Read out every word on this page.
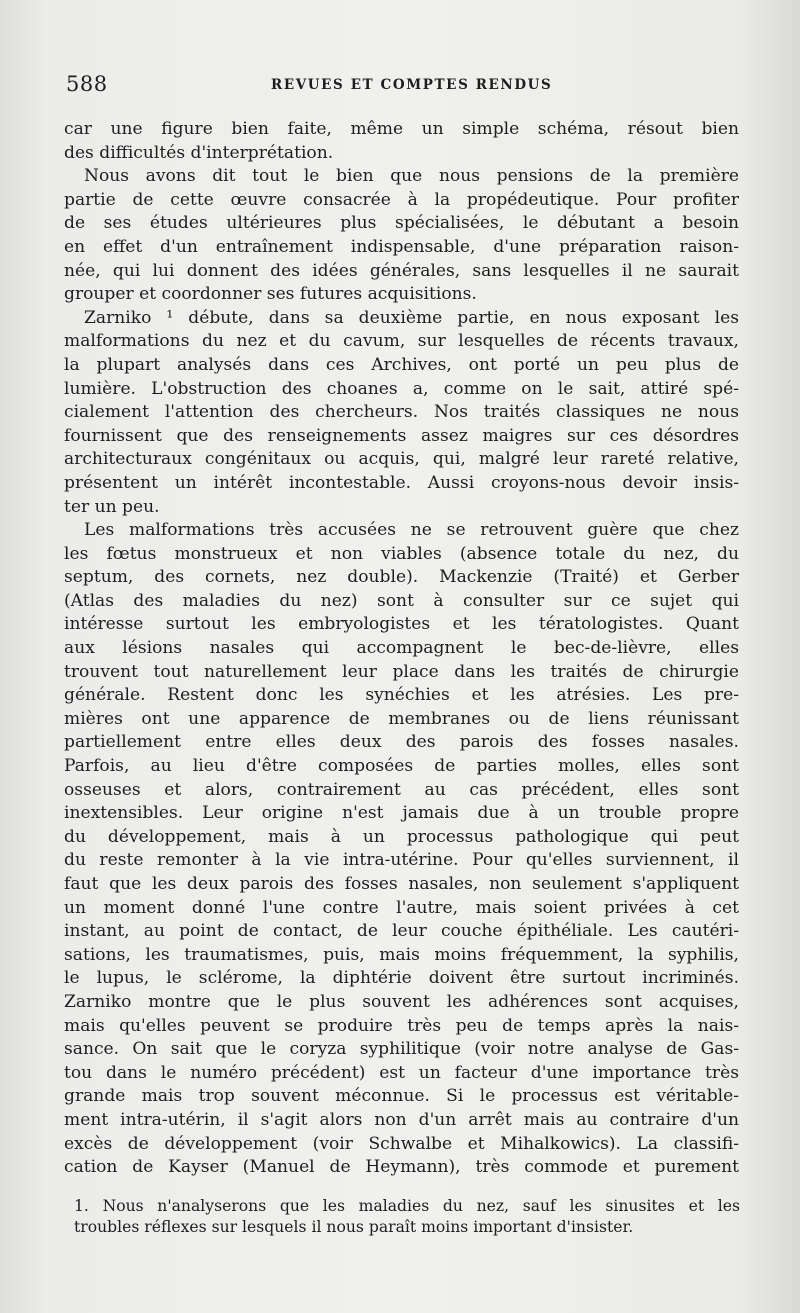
588	REVUES ET COMPTES RENDUS
car une figure bien faite, même un simple schéma, résout bien
des difficultés d'interprétation.
Nous avons dit tout le bien que nous pensions de la première
partie de cette œuvre consacrée à la propédeutique. Pour profiter
de ses études ultérieures plus spécialisées, le débutant a besoin
en effet d'un entraînement indispensable, d'une préparation raison-
née, qui lui donnent des idées générales, sans lesquelles il ne saurait
grouper et coordonner ses futures acquisitions.
Zarniko ¹ débute, dans sa deuxième partie, en nous exposant les
malformations du nez et du cavum, sur lesquelles de récents travaux,
la plupart analysés dans ces Archives, ont porté un peu plus de
lumière. L'obstruction des choanes a, comme on le sait, attiré spé-
cialement l'attention des chercheurs. Nos traités classiques ne nous
fournissent que des renseignements assez maigres sur ces désordres
architecturaux congénitaux ou acquis, qui, malgré leur rareté relative,
présentent un intérêt incontestable. Aussi croyons-nous devoir insis-
ter un peu.
Les malformations très accusées ne se retrouvent guère que chez
les fœtus monstrueux et non viables (absence totale du nez, du
septum, des cornets, nez double). Mackenzie (Traité) et Gerber
(Atlas des maladies du nez) sont à consulter sur ce sujet qui
intéresse surtout les embryologistes et les tératologistes. Quant
aux lésions nasales qui accompagnent le bec-de-lièvre, elles
trouvent tout naturellement leur place dans les traités de chirurgie
générale. Restent donc les synéchies et les atrésies. Les pre-
mières ont une apparence de membranes ou de liens réunissant
partiellement entre elles deux des parois des fosses nasales.
Parfois, au lieu d'être composées de parties molles, elles sont
osseuses et alors, contrairement au cas précédent, elles sont
inextensibles. Leur origine n'est jamais due à un trouble propre
du développement, mais à un processus pathologique qui peut
du reste remonter à la vie intra-utérine. Pour qu'elles surviennent, il
faut que les deux parois des fosses nasales, non seulement s'appliquent
un moment donné l'une contre l'autre, mais soient privées à cet
instant, au point de contact, de leur couche épithéliale. Les cautéri-
sations, les traumatismes, puis, mais moins fréquemment, la syphilis,
le lupus, le sclérome, la diphtérie doivent être surtout incriminés.
Zarniko montre que le plus souvent les adhérences sont acquises,
mais qu'elles peuvent se produire très peu de temps après la nais-
sance. On sait que le coryza syphilitique (voir notre analyse de Gas-
tou dans le numéro précédent) est un facteur d'une importance très
grande mais trop souvent méconnue. Si le processus est véritable-
ment intra-utérin, il s'agit alors non d'un arrêt mais au contraire d'un
excès de développement (voir Schwalbe et Mihalkowics). La classifi-
cation de Kayser (Manuel de Heymann), très commode et purement
1. Nous n'analyserons que les maladies du nez, sauf les sinusites et les
troubles réflexes sur lesquels il nous paraît moins important d'insister.
